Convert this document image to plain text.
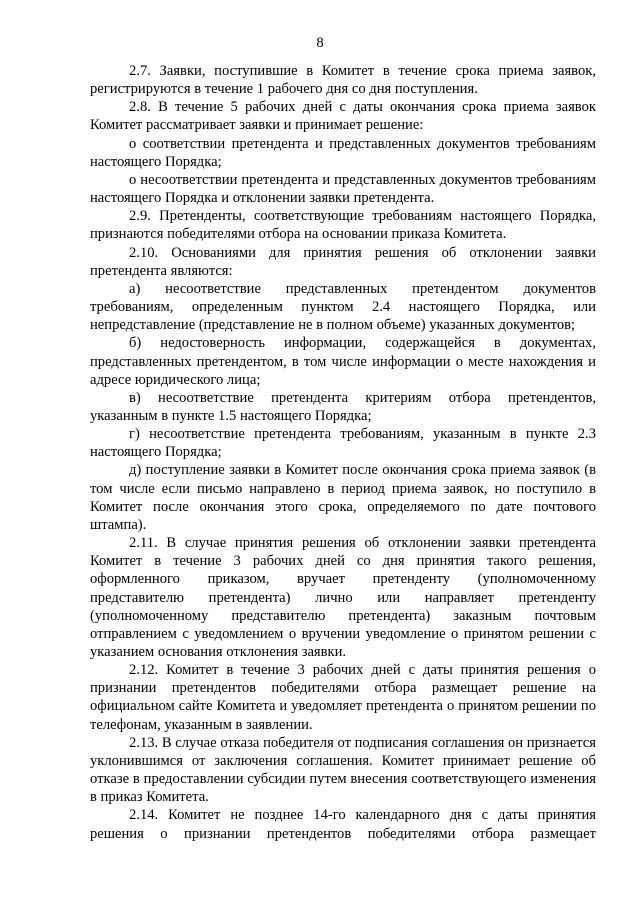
8

2.7. Заявки, поступившие в Комитет в течение срока приема заявок, регистрируются в течение 1 рабочего дня со дня поступления.

2.8. В течение 5 рабочих дней с даты окончания срока приема заявок Комитет рассматривает заявки и принимает решение:

о соответствии претендента и представленных документов требованиям настоящего Порядка;

о несоответствии претендента и представленных документов требованиям настоящего Порядка и отклонении заявки претендента.

2.9. Претенденты, соответствующие требованиям настоящего Порядка, признаются победителями отбора на основании приказа Комитета.

2.10. Основаниями для принятия решения об отклонении заявки претендента являются:

а) несоответствие представленных претендентом документов требованиям, определенным пунктом 2.4 настоящего Порядка, или непредставление (представление не в полном объеме) указанных документов;

б) недостоверность информации, содержащейся в документах, представленных претендентом, в том числе информации о месте нахождения и адресе юридического лица;

в) несоответствие претендента критериям отбора претендентов, указанным в пункте 1.5 настоящего Порядка;

г) несоответствие претендента требованиям, указанным в пункте 2.3 настоящего Порядка;

д) поступление заявки в Комитет после окончания срока приема заявок (в том числе если письмо направлено в период приема заявок, но поступило в Комитет после окончания этого срока, определяемого по дате почтового штампа).

2.11. В случае принятия решения об отклонении заявки претендента Комитет в течение 3 рабочих дней со дня принятия такого решения, оформленного приказом, вручает претенденту (уполномоченному представителю претендента) лично или направляет претенденту (уполномоченному представителю претендента) заказным почтовым отправлением с уведомлением о вручении уведомление о принятом решении с указанием основания отклонения заявки.

2.12. Комитет в течение 3 рабочих дней с даты принятия решения о признании претендентов победителями отбора размещает решение на официальном сайте Комитета и уведомляет претендента о принятом решении по телефонам, указанным в заявлении.

2.13. В случае отказа победителя от подписания соглашения он признается уклонившимся от заключения соглашения. Комитет принимает решение об отказе в предоставлении субсидии путем внесения соответствующего изменения в приказ Комитета.

2.14. Комитет не позднее 14-го календарного дня с даты принятия решения о признании претендентов победителями отбора размещает
